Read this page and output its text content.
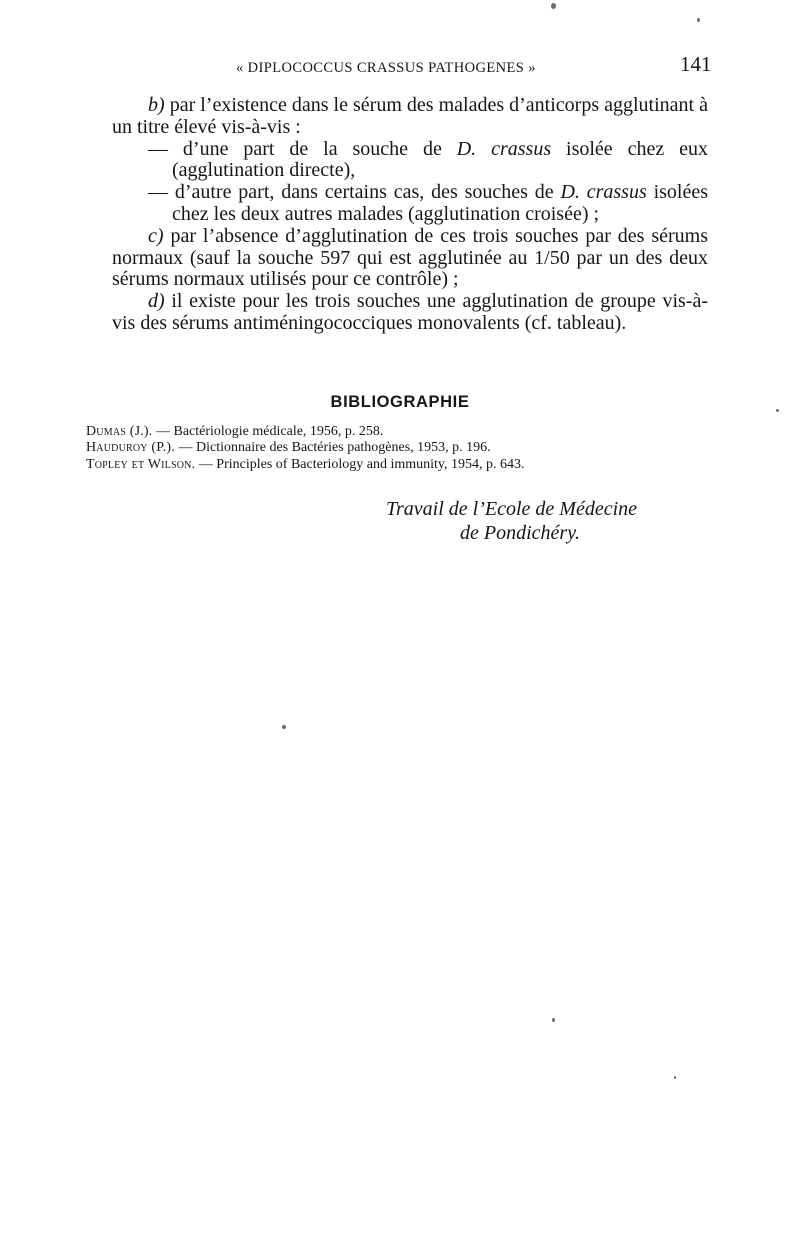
« DIPLOCOCCUS CRASSUS PATHOGENES »	141

b) par l’existence dans le sérum des malades d’anticorps agglutinant à un titre élevé vis-à-vis :

— d’une part de la souche de D. crassus isolée chez eux (agglutination directe),

— d’autre part, dans certains cas, des souches de D. crassus isolées chez les deux autres malades (agglutination croisée) ;

c) par l’absence d’agglutination de ces trois souches par des sérums normaux (sauf la souche 597 qui est agglutinée au 1/50 par un des deux sérums normaux utilisés pour ce contrôle) ;

d) il existe pour les trois souches une agglutination de groupe vis-à-vis des sérums antiméningococciques monovalents (cf. tableau).

BIBLIOGRAPHIE
Dumas (J.). — Bactériologie médicale, 1956, p. 258.
Hauduroy (P.). — Dictionnaire des Bactéries pathogènes, 1953, p. 196.
Topley et Wilson. — Principles of Bacteriology and immunity, 1954, p. 643.
Travail de l’Ecole de Médecine
de Pondichéry.
